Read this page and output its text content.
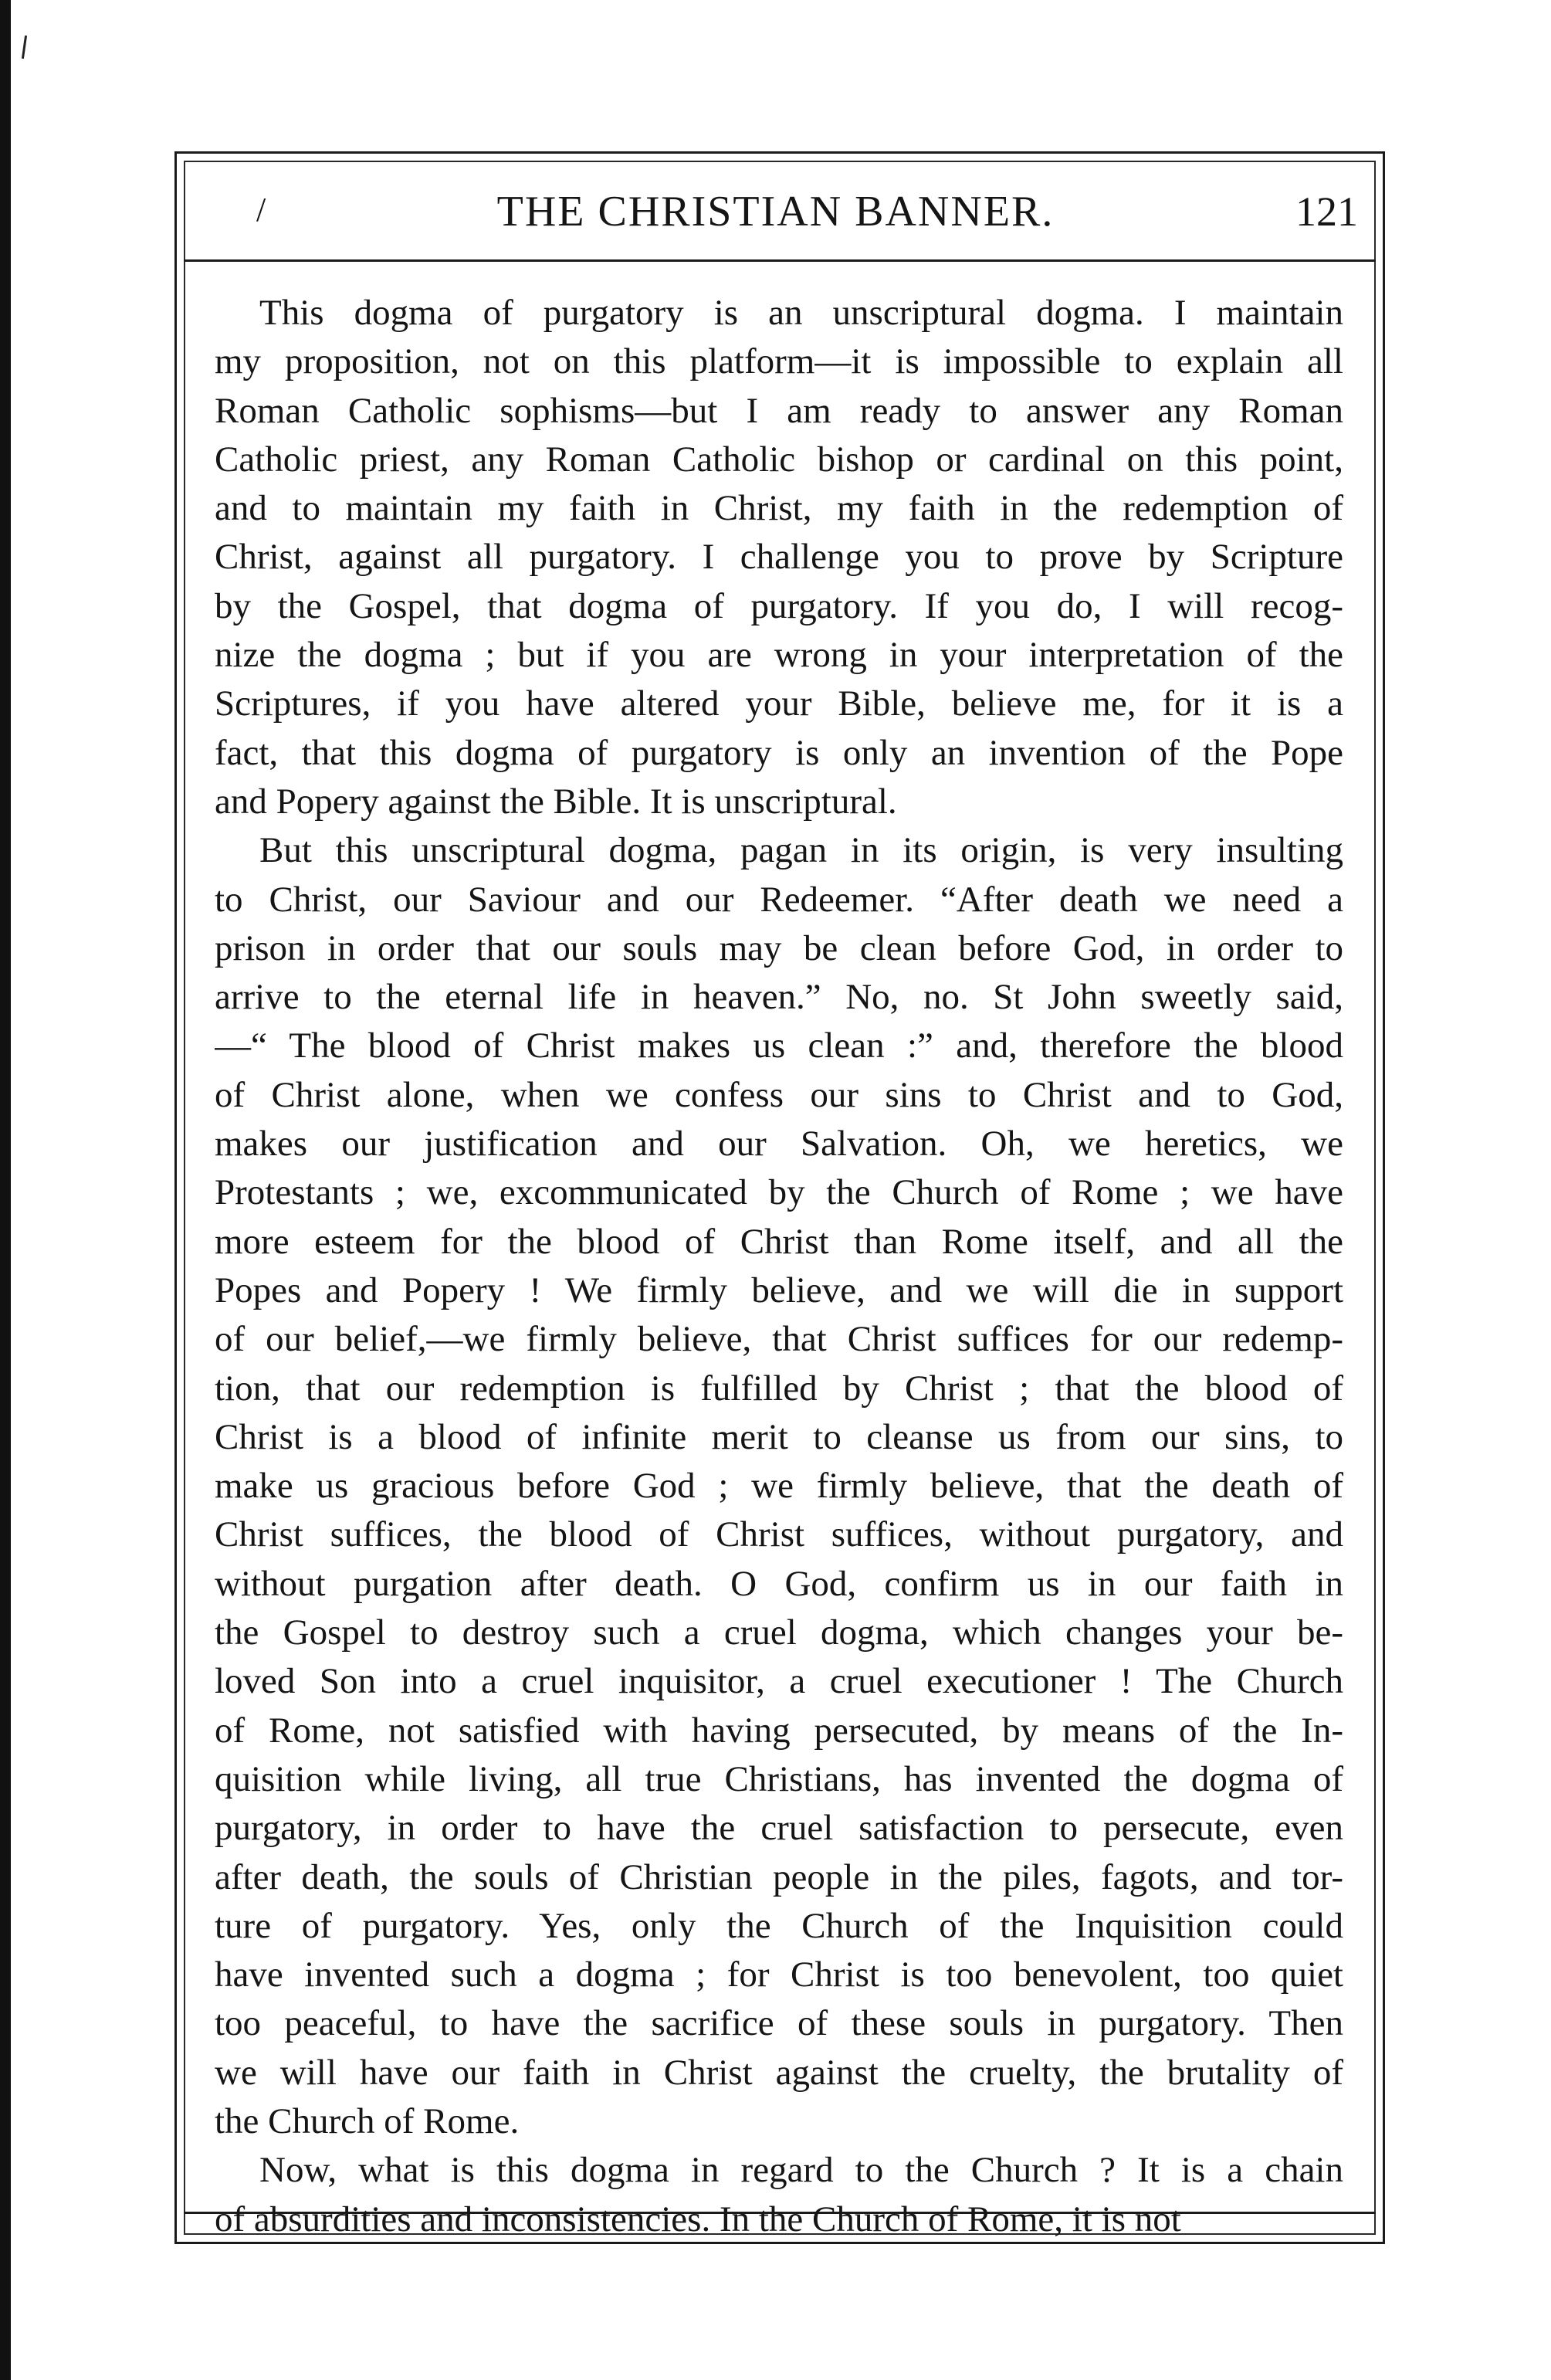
/	THE CHRISTIAN BANNER.	121
This dogma of purgatory is an unscriptural dogma. I maintain
my proposition, not on this platform—it is impossible to explain all
Roman Catholic sophisms—but I am ready to answer any Roman
Catholic priest, any Roman Catholic bishop or cardinal on this point,
and to maintain my faith in Christ, my faith in the redemption of
Christ, against all purgatory. I challenge you to prove by Scripture
by the Gospel, that dogma of purgatory. If you do, I will recog-
nize the dogma ; but if you are wrong in your interpretation of the
Scriptures, if you have altered your Bible, believe me, for it is a
fact, that this dogma of purgatory is only an invention of the Pope
and Popery against the Bible. It is unscriptural.
But this unscriptural dogma, pagan in its origin, is very insulting
to Christ, our Saviour and our Redeemer. “After death we need a
prison in order that our souls may be clean before God, in order to
arrive to the eternal life in heaven.” No, no. St John sweetly said,
—“ The blood of Christ makes us clean :” and, therefore the blood
of Christ alone, when we confess our sins to Christ and to God,
makes our justification and our Salvation. Oh, we heretics, we
Protestants ; we, excommunicated by the Church of Rome ; we have
more esteem for the blood of Christ than Rome itself, and all the
Popes and Popery ! We firmly believe, and we will die in support
of our belief,—we firmly believe, that Christ suffices for our redemp-
tion, that our redemption is fulfilled by Christ ; that the blood of
Christ is a blood of infinite merit to cleanse us from our sins, to
make us gracious before God ; we firmly believe, that the death of
Christ suffices, the blood of Christ suffices, without purgatory, and
without purgation after death. O God, confirm us in our faith in
the Gospel to destroy such a cruel dogma, which changes your be-
loved Son into a cruel inquisitor, a cruel executioner ! The Church
of Rome, not satisfied with having persecuted, by means of the In-
quisition while living, all true Christians, has invented the dogma of
purgatory, in order to have the cruel satisfaction to persecute, even
after death, the souls of Christian people in the piles, fagots, and tor-
ture of purgatory. Yes, only the Church of the Inquisition could
have invented such a dogma ; for Christ is too benevolent, too quiet
too peaceful, to have the sacrifice of these souls in purgatory. Then
we will have our faith in Christ against the cruelty, the brutality of
the Church of Rome.
Now, what is this dogma in regard to the Church ? It is a chain
of absurdities and inconsistencies. In the Church of Rome, it is not
